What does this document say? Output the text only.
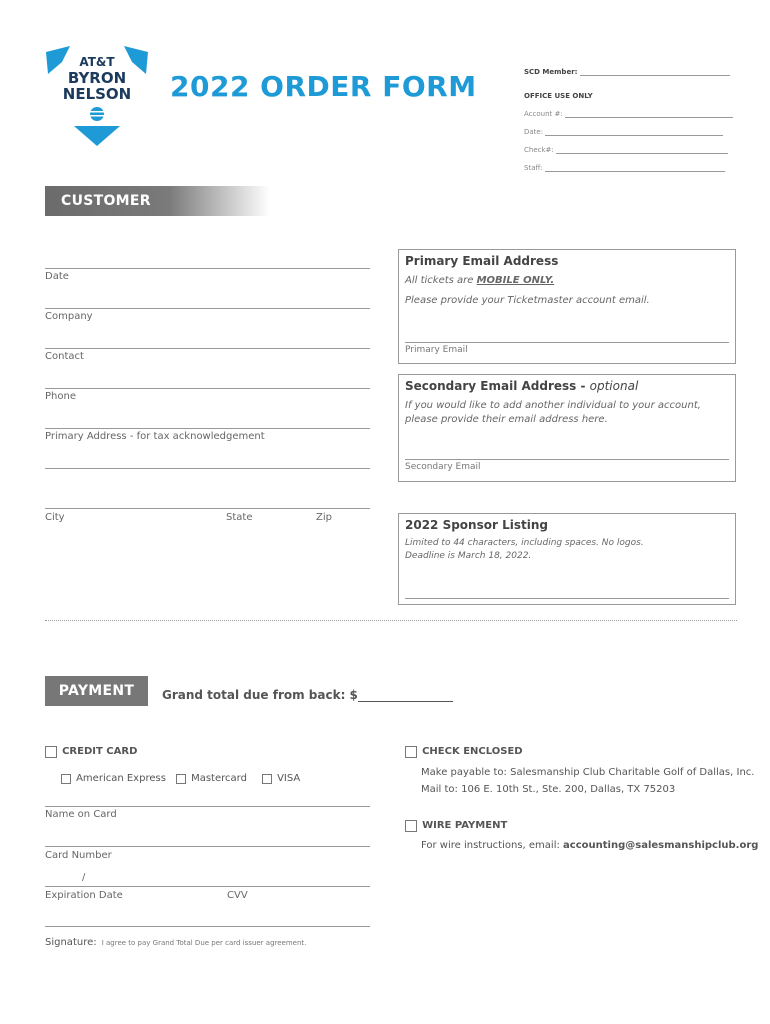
AT&T
BYRON
NELSON	2022 ORDER FORM	SCD Member:
OFFICE USE ONLY
Account #:
Date:
Check#:
Staff:
CUSTOMER INFORMATION
Date
Company
Contact
Phone
Primary Address - for tax acknowledgement
City	State	Zip
Primary Email Address
All tickets are MOBILE ONLY.
Please provide your Ticketmaster account email.
Primary Email
Secondary Email Address - optional
If you would like to add another individual to your account,
please provide their email address here.
Secondary Email
2022 Sponsor Listing
Limited to 44 characters, including spaces. No logos.
Deadline is March 18, 2022.
PAYMENT	Grand total due from back: $
CREDIT CARD
American Express	Mastercard	VISA
Name on Card
Card Number
/
Expiration Date	CVV
Signature: I agree to pay Grand Total Due per card issuer agreement.
CHECK ENCLOSED
Make payable to: Salesmanship Club Charitable Golf of Dallas, Inc.
Mail to: 106 E. 10th St., Ste. 200, Dallas, TX 75203
WIRE PAYMENT
For wire instructions, email: accounting@salesmanshipclub.org
